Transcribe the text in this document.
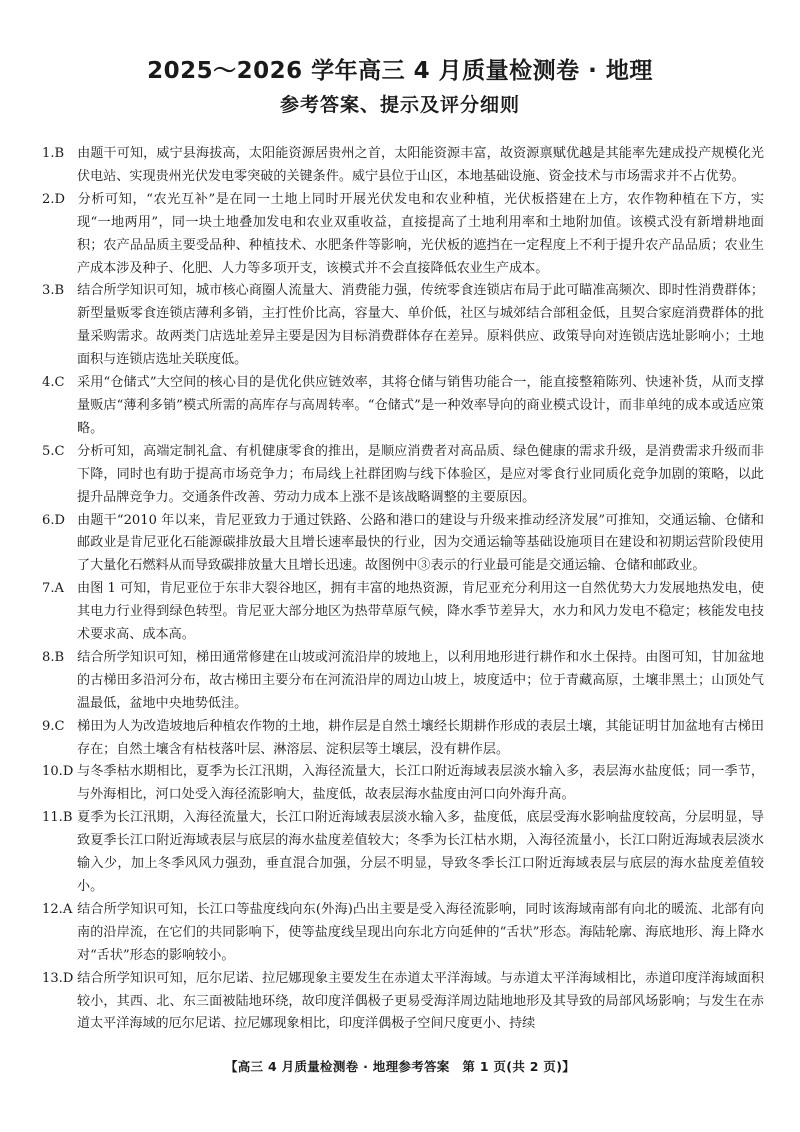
2025～2026 学年高三 4 月质量检测卷 · 地理
参考答案、提示及评分细则

1.B 由题干可知，威宁县海拔高，太阳能资源居贵州之首，太阳能资源丰富，故资源禀赋优越是其能率先建成投产规模化光伏电站、实现贵州光伏发电零突破的关键条件。威宁县位于山区，本地基础设施、资金技术与市场需求并不占优势。

2.D 分析可知，“农光互补”是在同一土地上同时开展光伏发电和农业种植，光伏板搭建在上方，农作物种植在下方，实现“一地两用”，同一块土地叠加发电和农业双重收益，直接提高了土地利用率和土地附加值。该模式没有新增耕地面积；农产品品质主要受品种、种植技术、水肥条件等影响，光伏板的遮挡在一定程度上不利于提升农产品品质；农业生产成本涉及种子、化肥、人力等多项开支，该模式并不会直接降低农业生产成本。

3.B 结合所学知识可知，城市核心商圈人流量大、消费能力强，传统零食连锁店布局于此可瞄准高频次、即时性消费群体；新型量贩零食连锁店薄利多销，主打性价比高，容量大、单价低，社区与城郊结合部租金低，且契合家庭消费群体的批量采购需求。故两类门店选址差异主要是因为目标消费群体存在差异。原料供应、政策导向对连锁店选址影响小；土地面积与连锁店选址关联度低。

4.C 采用“仓储式”大空间的核心目的是优化供应链效率，其将仓储与销售功能合一，能直接整箱陈列、快速补货，从而支撑量贩店“薄利多销”模式所需的高库存与高周转率。“仓储式”是一种效率导向的商业模式设计，而非单纯的成本或适应策略。

5.C 分析可知，高端定制礼盒、有机健康零食的推出，是顺应消费者对高品质、绿色健康的需求升级，是消费需求升级而非下降，同时也有助于提高市场竞争力；布局线上社群团购与线下体验区，是应对零食行业同质化竞争加剧的策略，以此提升品牌竞争力。交通条件改善、劳动力成本上涨不是该战略调整的主要原因。

6.D 由题干“2010 年以来，肯尼亚致力于通过铁路、公路和港口的建设与升级来推动经济发展”可推知，交通运输、仓储和邮政业是肯尼亚化石能源碳排放最大且增长速率最快的行业，因为交通运输等基础设施项目在建设和初期运营阶段使用了大量化石燃料从而导致碳排放量大且增长迅速。故图例中③表示的行业最可能是交通运输、仓储和邮政业。

7.A 由图 1 可知，肯尼亚位于东非大裂谷地区，拥有丰富的地热资源，肯尼亚充分利用这一自然优势大力发展地热发电，使其电力行业得到绿色转型。肯尼亚大部分地区为热带草原气候，降水季节差异大，水力和风力发电不稳定；核能发电技术要求高、成本高。

8.B 结合所学知识可知，梯田通常修建在山坡或河流沿岸的坡地上，以利用地形进行耕作和水土保持。由图可知，甘加盆地的古梯田多沿河分布，故古梯田主要分布在河流沿岸的周边山坡上，坡度适中；位于青藏高原，土壤非黑土；山顶处气温最低，盆地中央地势低洼。

9.C 梯田为人为改造坡地后种植农作物的土地，耕作层是自然土壤经长期耕作形成的表层土壤，其能证明甘加盆地有古梯田存在；自然土壤含有枯枝落叶层、淋溶层、淀积层等土壤层，没有耕作层。

10.D 与冬季枯水期相比，夏季为长江汛期，入海径流量大，长江口附近海域表层淡水输入多，表层海水盐度低；同一季节，与外海相比，河口处受入海径流影响大，盐度低，故表层海水盐度由河口向外海升高。

11.B 夏季为长江汛期，入海径流量大，长江口附近海域表层淡水输入多，盐度低，底层受海水影响盐度较高，分层明显，导致夏季长江口附近海域表层与底层的海水盐度差值较大；冬季为长江枯水期，入海径流量小，长江口附近海域表层淡水输入少，加上冬季风风力强劲，垂直混合加强，分层不明显，导致冬季长江口附近海域表层与底层的海水盐度差值较小。

12.A 结合所学知识可知，长江口等盐度线向东(外海)凸出主要是受入海径流影响，同时该海域南部有向北的暖流、北部有向南的沿岸流，在它们的共同影响下，使等盐度线呈现出向东北方向延伸的“舌状”形态。海陆轮廓、海底地形、海上降水对“舌状”形态的影响较小。

13.D 结合所学知识可知，厄尔尼诺、拉尼娜现象主要发生在赤道太平洋海域。与赤道太平洋海域相比，赤道印度洋海域面积较小，其西、北、东三面被陆地环绕，故印度洋偶极子更易受海洋周边陆地地形及其导致的局部风场影响；与发生在赤道太平洋海域的厄尔尼诺、拉尼娜现象相比，印度洋偶极子空间尺度更小、持续

【高三 4 月质量检测卷 · 地理参考答案　第 1 页(共 2 页)】
